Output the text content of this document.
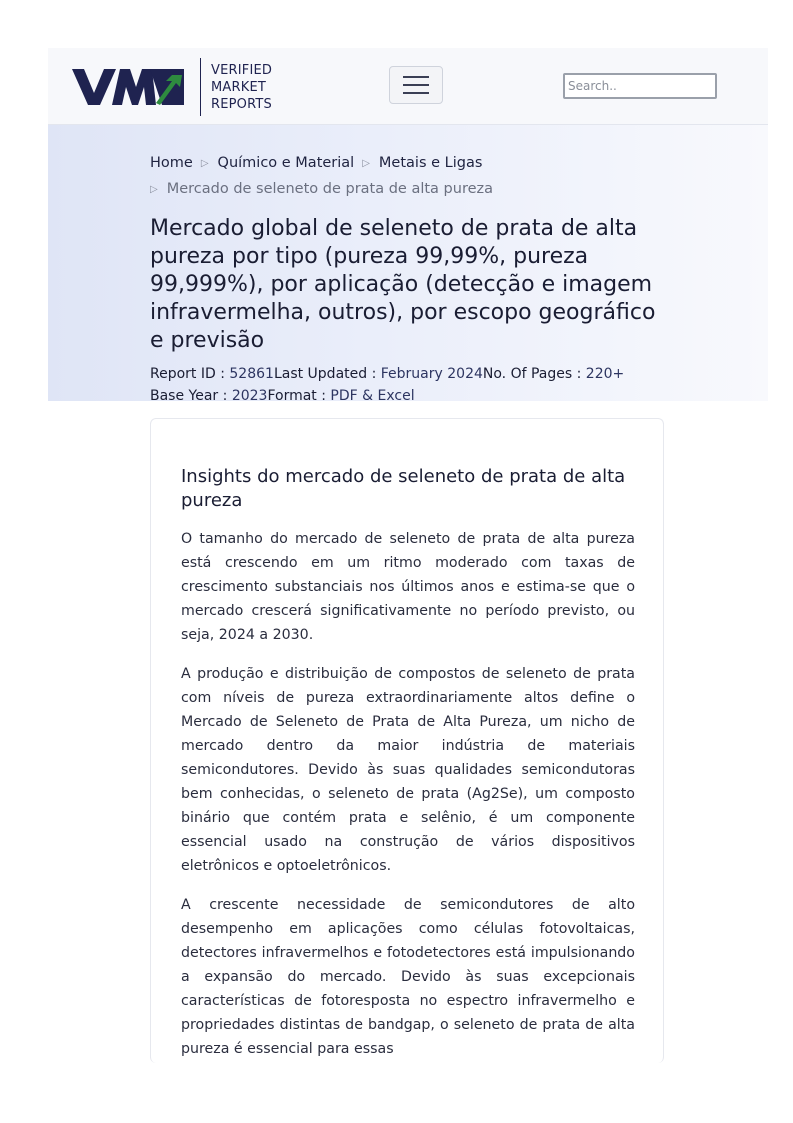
VERIFIED
MARKET
REPORTS
Search..
Home ▷ Químico e Material ▷ Metais e Ligas
▷ Mercado de seleneto de prata de alta pureza
Mercado global de seleneto de prata de alta pureza por tipo (pureza 99,99%, pureza 99,999%), por aplicação (detecção e imagem infravermelha, outros), por escopo geográfico e previsão
Report ID : 52861Last Updated : February 2024No. Of Pages : 220+
Base Year : 2023Format : PDF & Excel
Insights do mercado de seleneto de prata de alta pureza

O tamanho do mercado de seleneto de prata de alta pureza está crescendo em um ritmo moderado com taxas de crescimento substanciais nos últimos anos e estima-se que o mercado crescerá significativamente no período previsto, ou seja, 2024 a 2030.

A produção e distribuição de compostos de seleneto de prata com níveis de pureza extraordinariamente altos define o Mercado de Seleneto de Prata de Alta Pureza, um nicho de mercado dentro da maior indústria de materiais semicondutores. Devido às suas qualidades semicondutoras bem conhecidas, o seleneto de prata (Ag2Se), um composto binário que contém prata e selênio, é um componente essencial usado na construção de vários dispositivos eletrônicos e optoeletrônicos.

A crescente necessidade de semicondutores de alto desempenho em aplicações como células fotovoltaicas, detectores infravermelhos e fotodetectores está impulsionando a expansão do mercado. Devido às suas excepcionais características de fotoresposta no espectro infravermelho e propriedades distintas de bandgap, o seleneto de prata de alta pureza é essencial para essas
